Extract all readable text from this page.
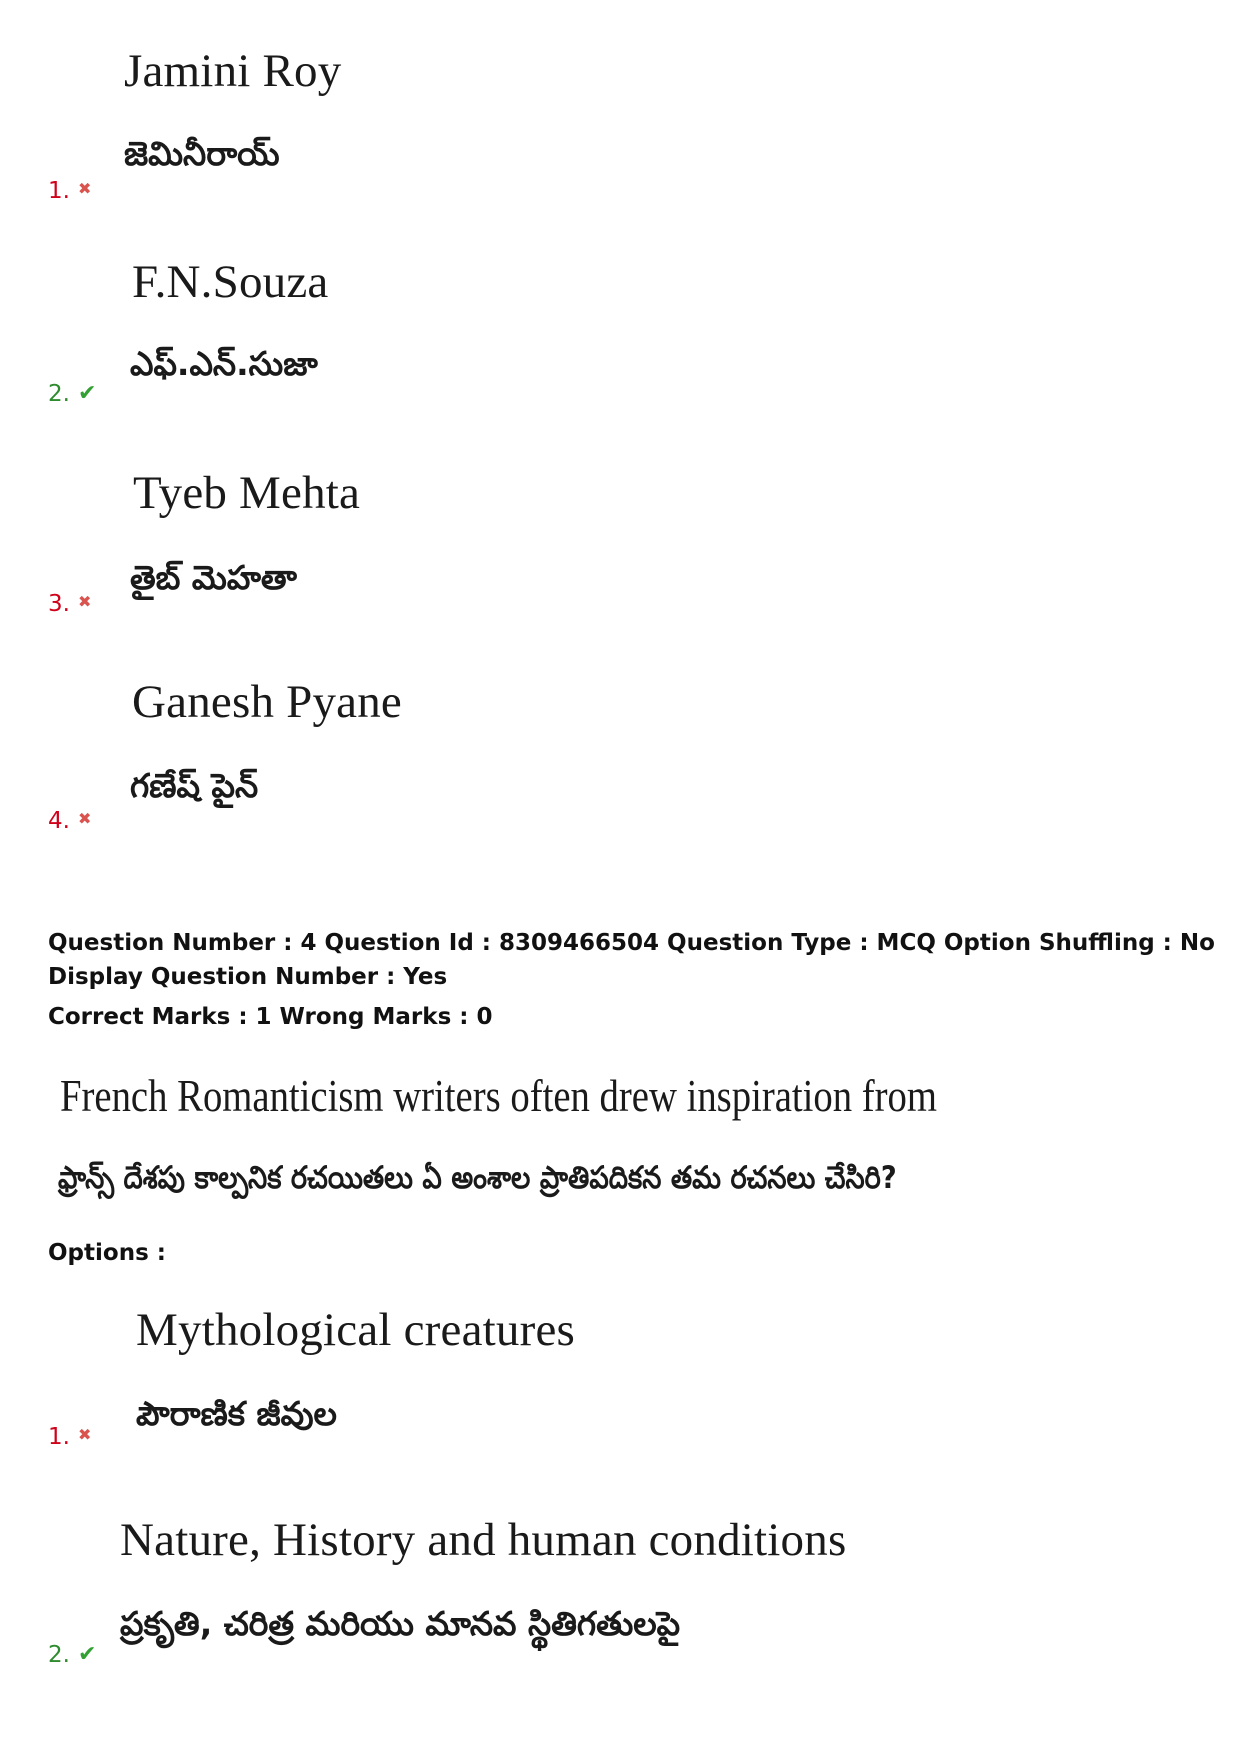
Jamini Roy
జెమినీరాయ్
1. ✖
F.N.Souza
ఎఫ్.ఎన్.సుజా
2. ✔
Tyeb Mehta
తైబ్ మెహతా
3. ✖
Ganesh Pyane
గణేష్ పైన్
4. ✖
Question Number : 4 Question Id : 8309466504 Question Type : MCQ Option Shuffling : No
Display Question Number : Yes
Correct Marks : 1 Wrong Marks : 0
French Romanticism writers often drew inspiration from
ఫ్రాన్స్ దేశపు కాల్పనిక రచయితలు ఏ అంశాల ప్రాతిపదికన తమ రచనలు చేసిరి?
Options :
Mythological creatures
పౌరాణిక జీవుల
1. ✖
Nature, History and human conditions
ప్రకృతి, చరిత్ర మరియు మానవ స్థితిగతులపై
2. ✔
